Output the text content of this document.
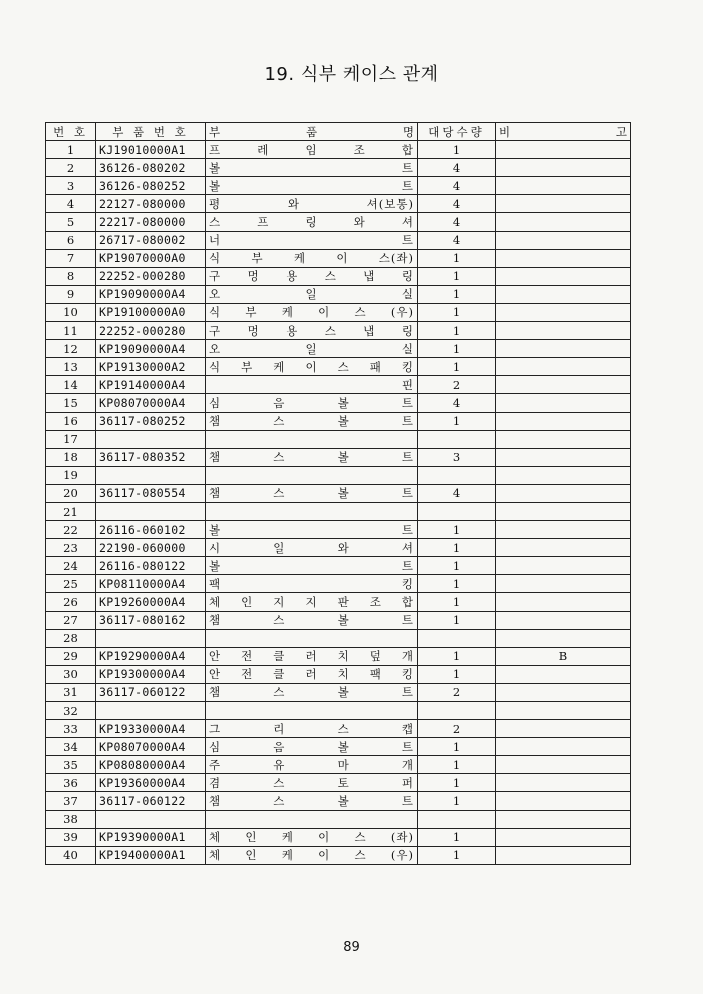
19. 식부 케이스 관계
번 호	부 품 번 호	부 품 명	대당수량	비 고
1	KJ19010000A1	프 레 임 조 합	1	
2	36126-080202	볼 트	4	
3	36126-080252	볼 트	4	
4	22127-080000	평 와 셔(보통)	4	
5	22217-080000	스 프 링 와 셔	4	
6	26717-080002	너 트	4	
7	KP19070000A0	식 부 케 이 스(좌)	1	
8	22252-000280	구 멍 용 스 냅 링	1	
9	KP19090000A4	오 일 실	1	
10	KP19100000A0	식 부 케 이 스 (우)	1	
11	22252-000280	구 멍 용 스 냅 링	1	
12	KP19090000A4	오 일 실	1	
13	KP19130000A2	식 부 케 이 스 패 킹	1	
14	KP19140000A4	핀	2	
15	KP08070000A4	심 음 볼 트	4	
16	36117-080252	챔 스 볼 트	1	
17				
18	36117-080352	챔 스 볼 트	3	
19				
20	36117-080554	챔 스 볼 트	4	
21				
22	26116-060102	볼 트	1	
23	22190-060000	시 일 와 셔	1	
24	26116-080122	볼 트	1	
25	KP08110000A4	팩 킹	1	
26	KP19260000A4	체 인 지 지 판 조 합	1	
27	36117-080162	챔 스 볼 트	1	
28				
29	KP19290000A4	안 전 클 러 치 덮 개	1	B
30	KP19300000A4	안 전 클 러 치 팩 킹	1	
31	36117-060122	챔 스 볼 트	2	
32				
33	KP19330000A4	그 리 스 캡	2	
34	KP08070000A4	심 음 볼 트	1	
35	KP08080000A4	주 유 마 개	1	
36	KP19360000A4	겸 스 토 퍼	1	
37	36117-060122	챔 스 볼 트	1	
38				
39	KP19390000A1	체 인 케 이 스 (좌)	1	
40	KP19400000A1	체 인 케 이 스 (우)	1	
89
